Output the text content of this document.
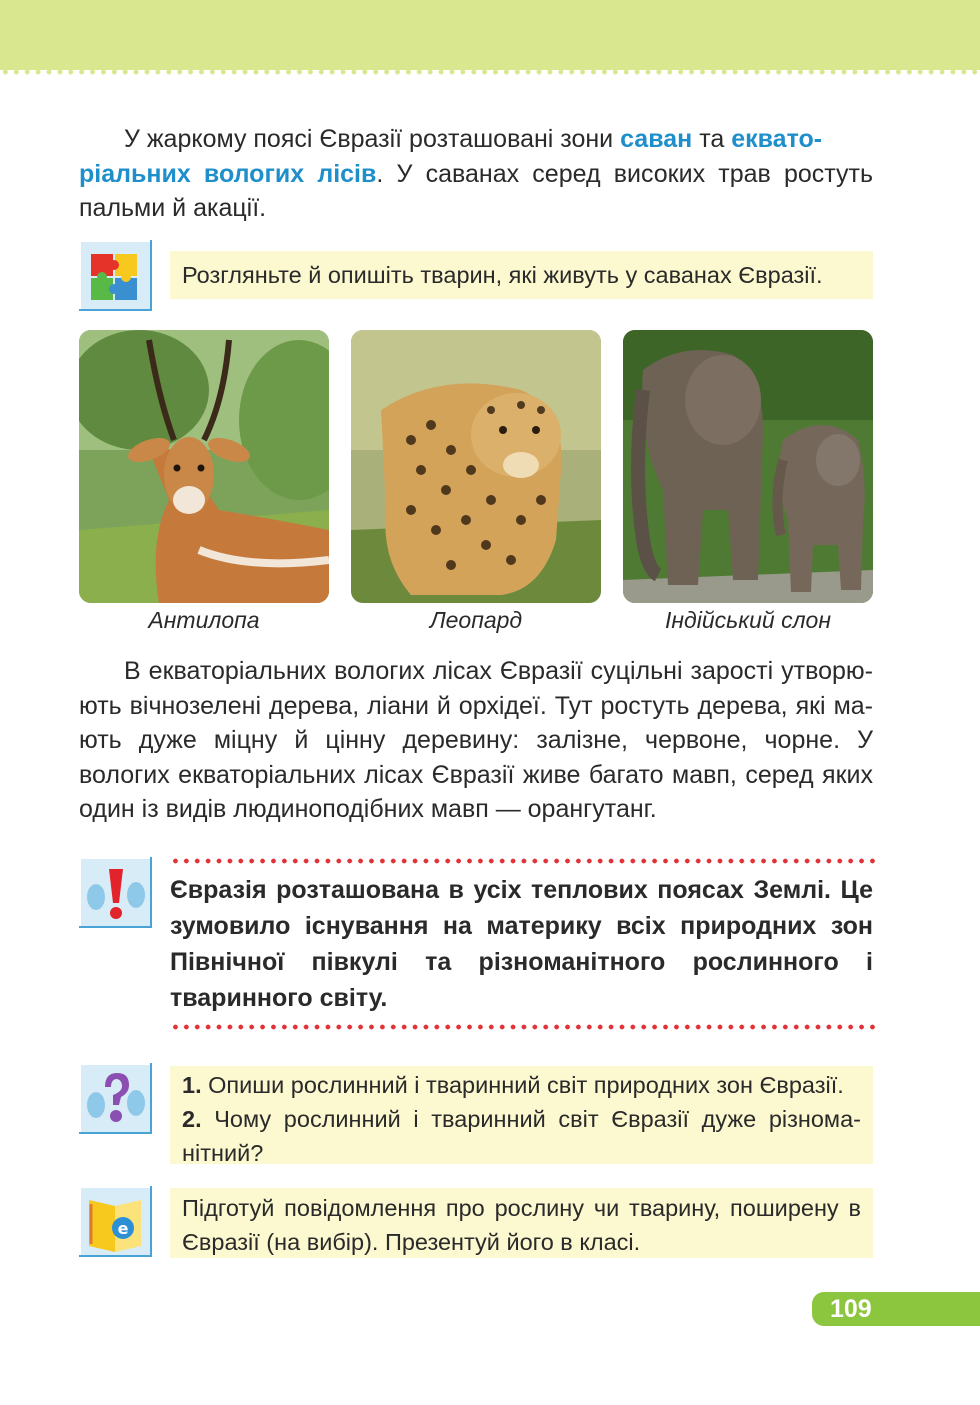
У жаркому поясі Євразії розташовані зони саван та еквато-
ріальних вологих лісів. У саванах серед високих трав ростуть пальми й акації.

Розгляньте й опишіть тварин, які живуть у саванах Євразії.
Антилопа	Леопард	Індійський слон

В екваторіальних вологих лісах Євразії суцільні зарості утворюють вічнозелені дерева, ліани й орхідеї. Тут ростуть дерева, які мають дуже міцну й цінну деревину: залізне, червоне, чорне. У вологих екваторіальних лісах Євразії живе багато мавп, серед яких один із видів людиноподібних мавп — орангутанг.

Євразія розташована в усіх теплових поясах Землі. Це зумовило існування на материку всіх природних зон Північної півкулі та різноманітного рослинного і тваринного світу.
1. Опиши рослинний і тваринний світ природних зон Євразії.
2. Чому рослинний і тваринний світ Євразії дуже різноманітний?
e
Підготуй повідомлення про рослину чи тварину, поширену в Євразії (на вибір). Презентуй його в класі.
109
